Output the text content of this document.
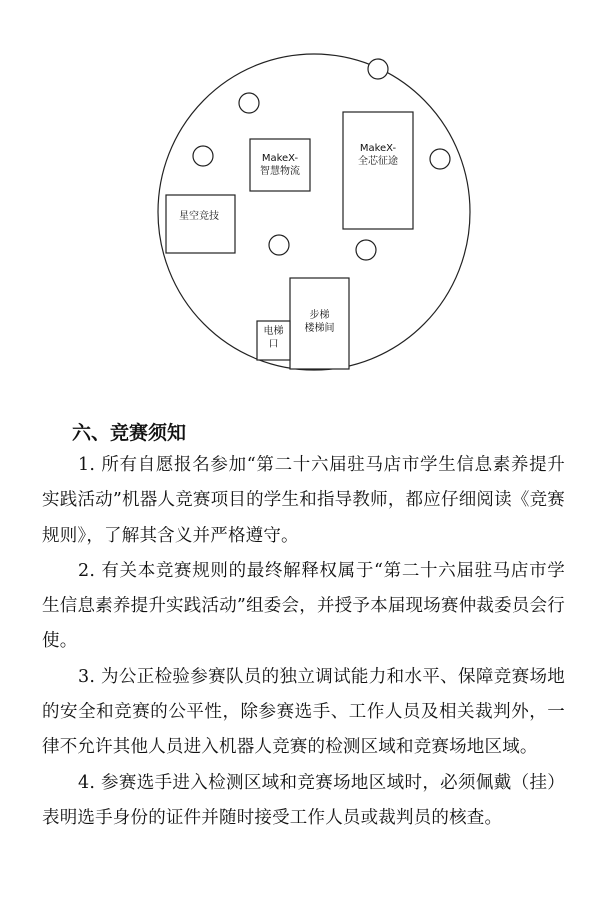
MakeX-
智慧物流
MakeX-
全芯征途
星空竞技
步梯
楼梯间
电梯
口
六、竞赛须知

1. 所有自愿报名参加“第二十六届驻马店市学生信息素养提升实践活动”机器人竞赛项目的学生和指导教师，都应仔细阅读《竞赛规则》，了解其含义并严格遵守。

2. 有关本竞赛规则的最终解释权属于“第二十六届驻马店市学生信息素养提升实践活动”组委会，并授予本届现场赛仲裁委员会行使。

3. 为公正检验参赛队员的独立调试能力和水平、保障竞赛场地的安全和竞赛的公平性，除参赛选手、工作人员及相关裁判外，一律不允许其他人员进入机器人竞赛的检测区域和竞赛场地区域。

4. 参赛选手进入检测区域和竞赛场地区域时，必须佩戴（挂）表明选手身份的证件并随时接受工作人员或裁判员的核查。
